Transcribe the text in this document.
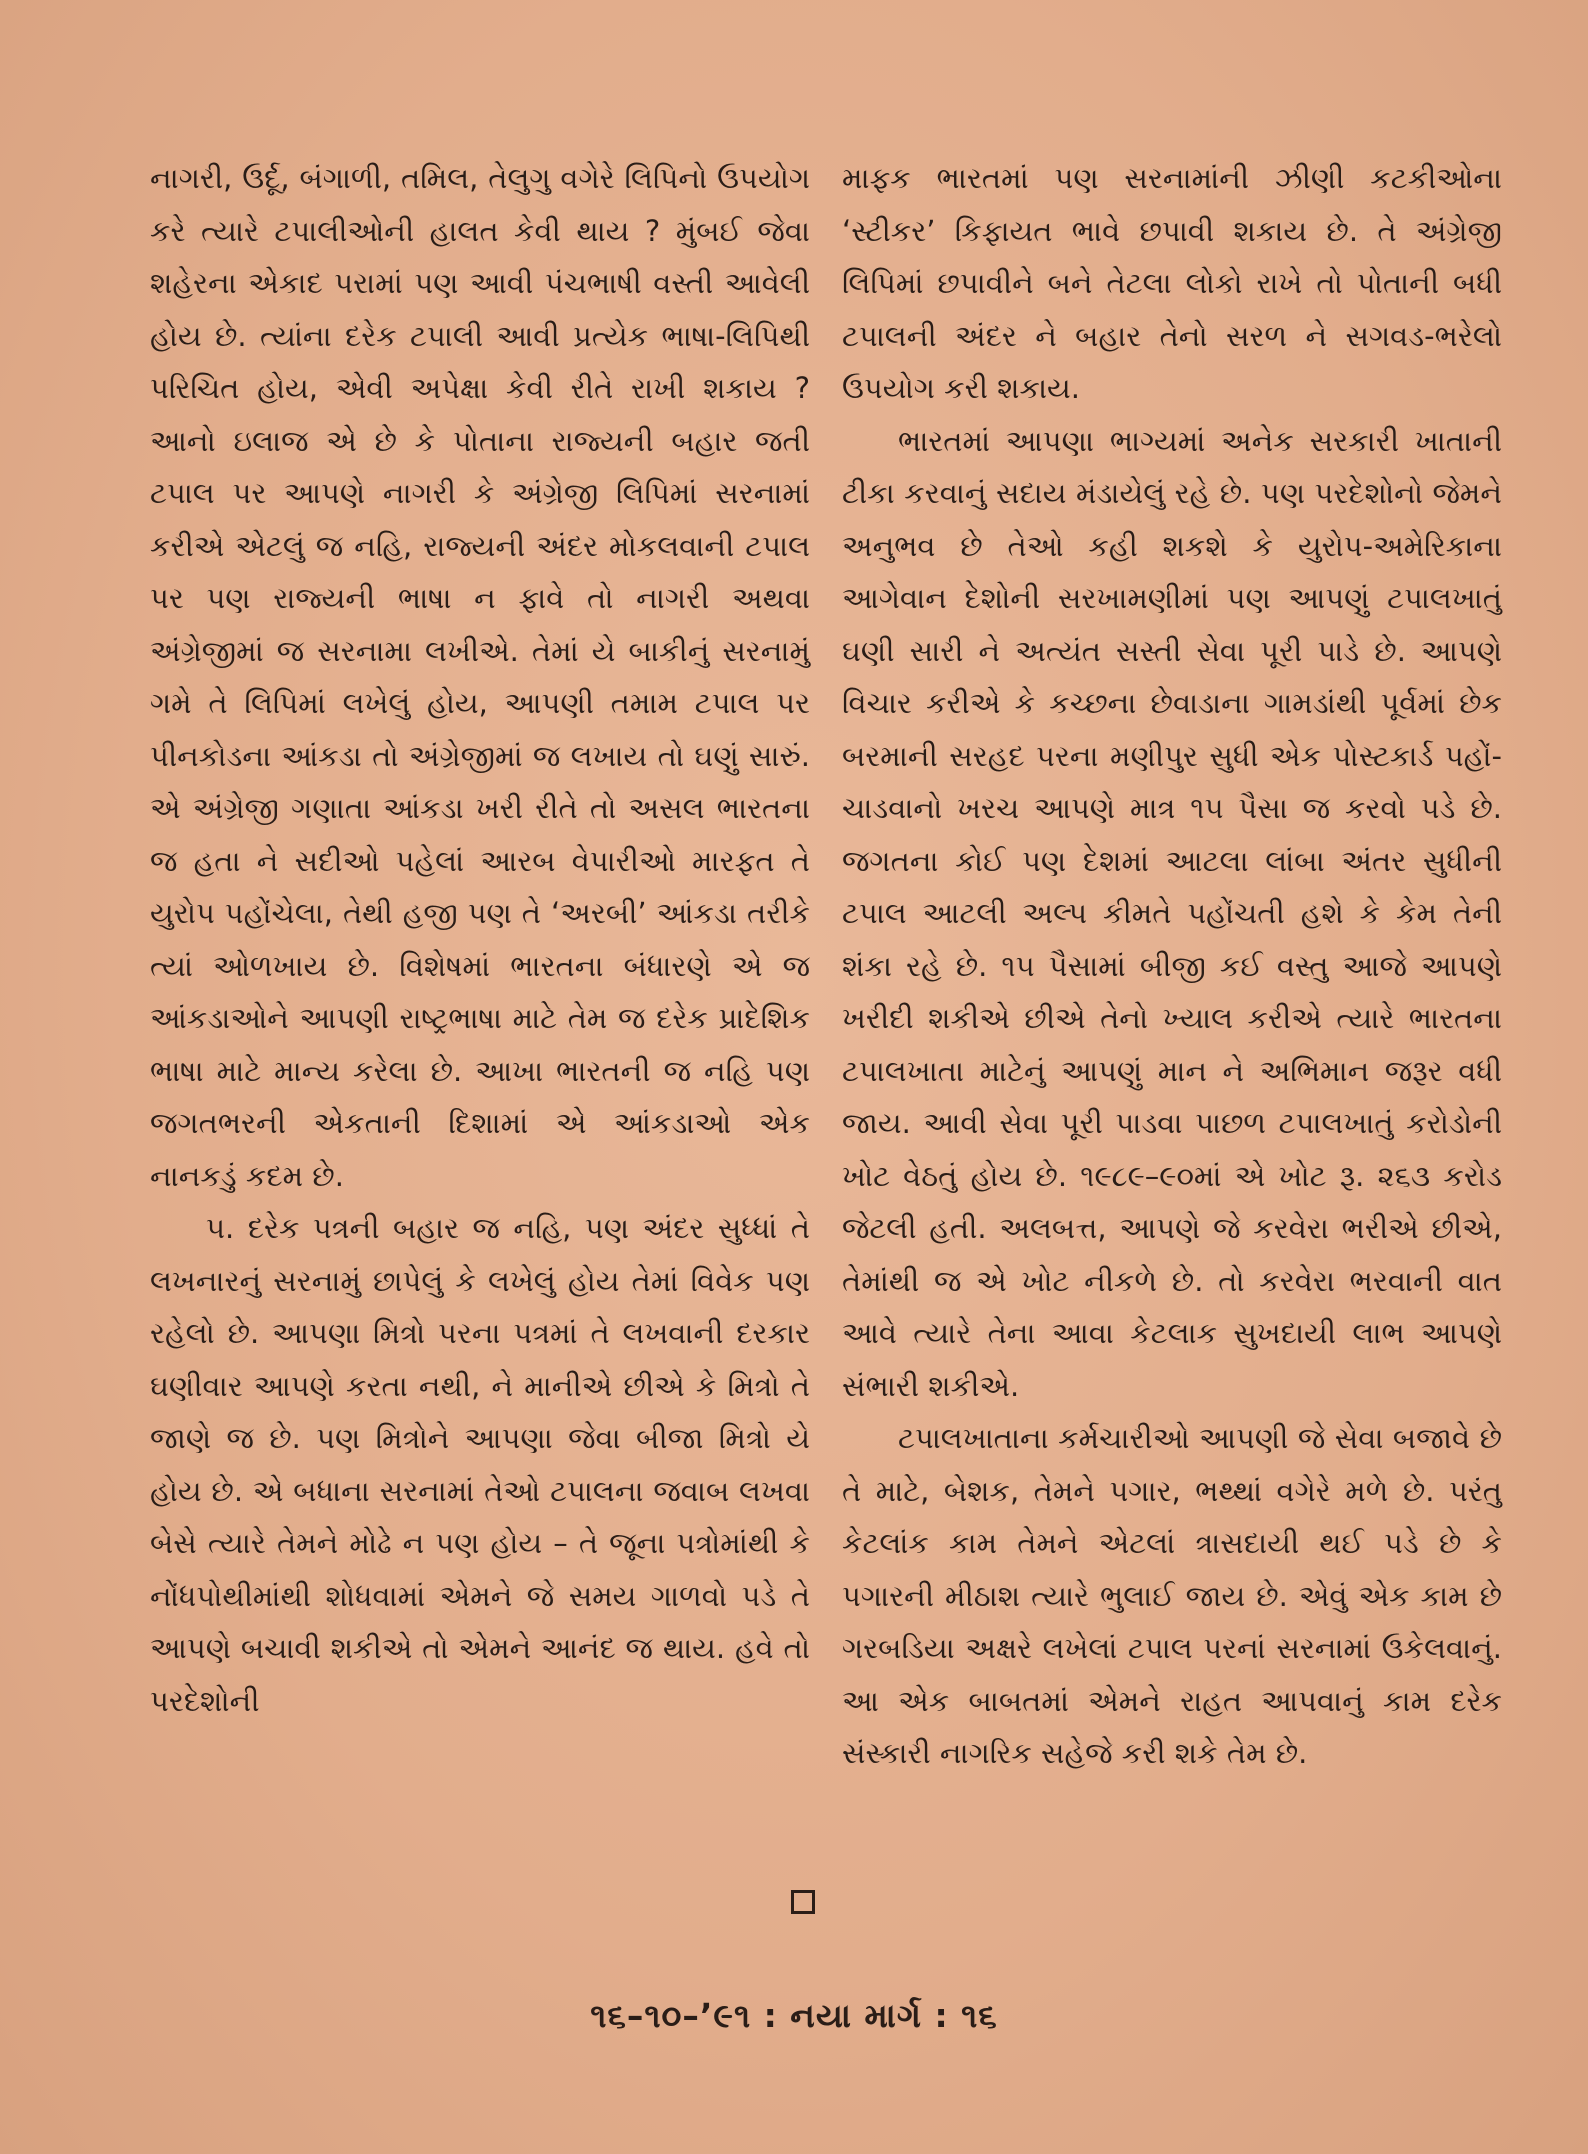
નાગરી, ઉર્દૂ, બંગાળી, તમિલ, તેલુગુ વગેરે લિપિનો ઉપયોગ કરે ત્યારે ટપાલીઓની હાલત કેવી થાય ? મુંબઈ જેવા શહેરના એકાદ પરામાં પણ આવી પંચભાષી વસ્તી આવેલી હોય છે. ત્યાંના દરેક ટપાલી આવી પ્રત્યેક ભાષા-લિપિથી પરિચિત હોય, એવી અપેક્ષા કેવી રીતે રાખી શકાય ? આનો ઇલાજ એ છે કે પોતાના રાજ્યની બહાર જતી ટપાલ પર આપણે નાગરી કે અંગ્રેજી લિપિમાં સરનામાં કરીએ એટલું જ નહિ, રાજ્યની અંદર મોકલવાની ટપાલ પર પણ રાજ્યની ભાષા ન ફાવે તો નાગરી અથવા અંગ્રેજીમાં જ સરનામા લખીએ. તેમાં યે બાકીનું સરનામું ગમે તે લિપિમાં લખેલું હોય, આપણી તમામ ટપાલ પર પીનકોડના આંકડા તો અંગ્રેજીમાં જ લખાય તો ઘણું સારું. એ અંગ્રેજી ગણાતા આંકડા ખરી રીતે તો અસલ ભારતના જ હતા ને સદીઓ પહેલાં આરબ વેપારીઓ મારફત તે યુરોપ પહોંચેલા, તેથી હજી પણ તે ‘અરબી’ આંકડા તરીકે ત્યાં ઓળખાય છે. વિશેષમાં ભારતના બંધારણે એ જ આંકડાઓને આપણી રાષ્ટ્રભાષા માટે તેમ જ દરેક પ્રાદેશિક ભાષા માટે માન્ય કરેલા છે. આખા ભારતની જ નહિ પણ જગતભરની એકતાની દિશામાં એ આંકડાઓ એક નાનકડું કદમ છે.

૫. દરેક પત્રની બહાર જ નહિ, પણ અંદર સુધ્ધાં તે લખનારનું સરનામું છાપેલું કે લખેલું હોય તેમાં વિવેક પણ રહેલો છે. આપણા મિત્રો પરના પત્રમાં તે લખવાની દરકાર ઘણીવાર આપણે કરતા નથી, ને માનીએ છીએ કે મિત્રો તે જાણે જ છે. પણ મિત્રોને આપણા જેવા બીજા મિત્રો યે હોય છે. એ બધાના સરનામાં તેઓ ટપાલના જવાબ લખવા બેસે ત્યારે તેમને મોઢે ન પણ હોય – તે જૂના પત્રોમાંથી કે નોંધપોથીમાંથી શોધવામાં એમને જે સમય ગાળવો પડે તે આપણે બચાવી શકીએ તો એમને આનંદ જ થાય. હવે તો પરદેશોની

માફક ભારતમાં પણ સરનામાંની ઝીણી કટકીઓના ‘સ્ટીકર’ કિફાયત ભાવે છપાવી શકાય છે. તે અંગ્રેજી લિપિમાં છપાવીને બને તેટલા લોકો રાખે તો પોતાની બધી ટપાલની અંદર ને બહાર તેનો સરળ ને સગવડ-ભરેલો ઉપયોગ કરી શકાય.

ભારતમાં આપણા ભાગ્યમાં અનેક સરકારી ખાતાની ટીકા કરવાનું સદાય મંડાયેલું રહે છે. પણ પરદેશોનો જેમને અનુભવ છે તેઓ કહી શકશે કે યુરોપ-અમેરિકાના આગેવાન દેશોની સરખામણીમાં પણ આપણું ટપાલખાતું ઘણી સારી ને અત્યંત સસ્તી સેવા પૂરી પાડે છે. આપણે વિચાર કરીએ કે કચ્છના છેવાડાના ગામડાંથી પૂર્વમાં છેક બરમાની સરહદ પરના મણીપુર સુધી એક પોસ્ટકાર્ડ પહોં-ચાડવાનો ખરચ આપણે માત્ર ૧૫ પૈસા જ કરવો પડે છે. જગતના કોઈ પણ દેશમાં આટલા લાંબા અંતર સુધીની ટપાલ આટલી અલ્પ કીમતે પહોંચતી હશે કે કેમ તેની શંકા રહે છે. ૧૫ પૈસામાં બીજી કઈ વસ્તુ આજે આપણે ખરીદી શકીએ છીએ તેનો ખ્યાલ કરીએ ત્યારે ભારતના ટપાલખાતા માટેનું આપણું માન ને અભિમાન જરૂર વધી જાય. આવી સેવા પૂરી પાડવા પાછળ ટપાલખાતું કરોડોની ખોટ વેઠતું હોય છે. ૧૯૮૯–૯૦માં એ ખોટ રૂ. ૨૬૩ કરોડ જેટલી હતી. અલબત્ત, આપણે જે કરવેરા ભરીએ છીએ, તેમાંથી જ એ ખોટ નીકળે છે. તો કરવેરા ભરવાની વાત આવે ત્યારે તેના આવા કેટલાક સુખદાયી લાભ આપણે સંભારી શકીએ.

ટપાલખાતાના કર્મચારીઓ આપણી જે સેવા બજાવે છે તે માટે, બેશક, તેમને પગાર, ભથ્થાં વગેરે મળે છે. પરંતુ કેટલાંક કામ તેમને એટલાં ત્રાસદાયી થઈ પડે છે કે પગારની મીઠાશ ત્યારે ભુલાઈ જાય છે. એવું એક કામ છે ગરબડિયા અક્ષરે લખેલાં ટપાલ પરનાં સરનામાં ઉકેલવાનું. આ એક બાબતમાં એમને રાહત આપવાનું કામ દરેક સંસ્કારી નાગરિક સહેજે કરી શકે તેમ છે.

૧૬–૧૦–’૯૧ : નયા માર્ગ : ૧૬
